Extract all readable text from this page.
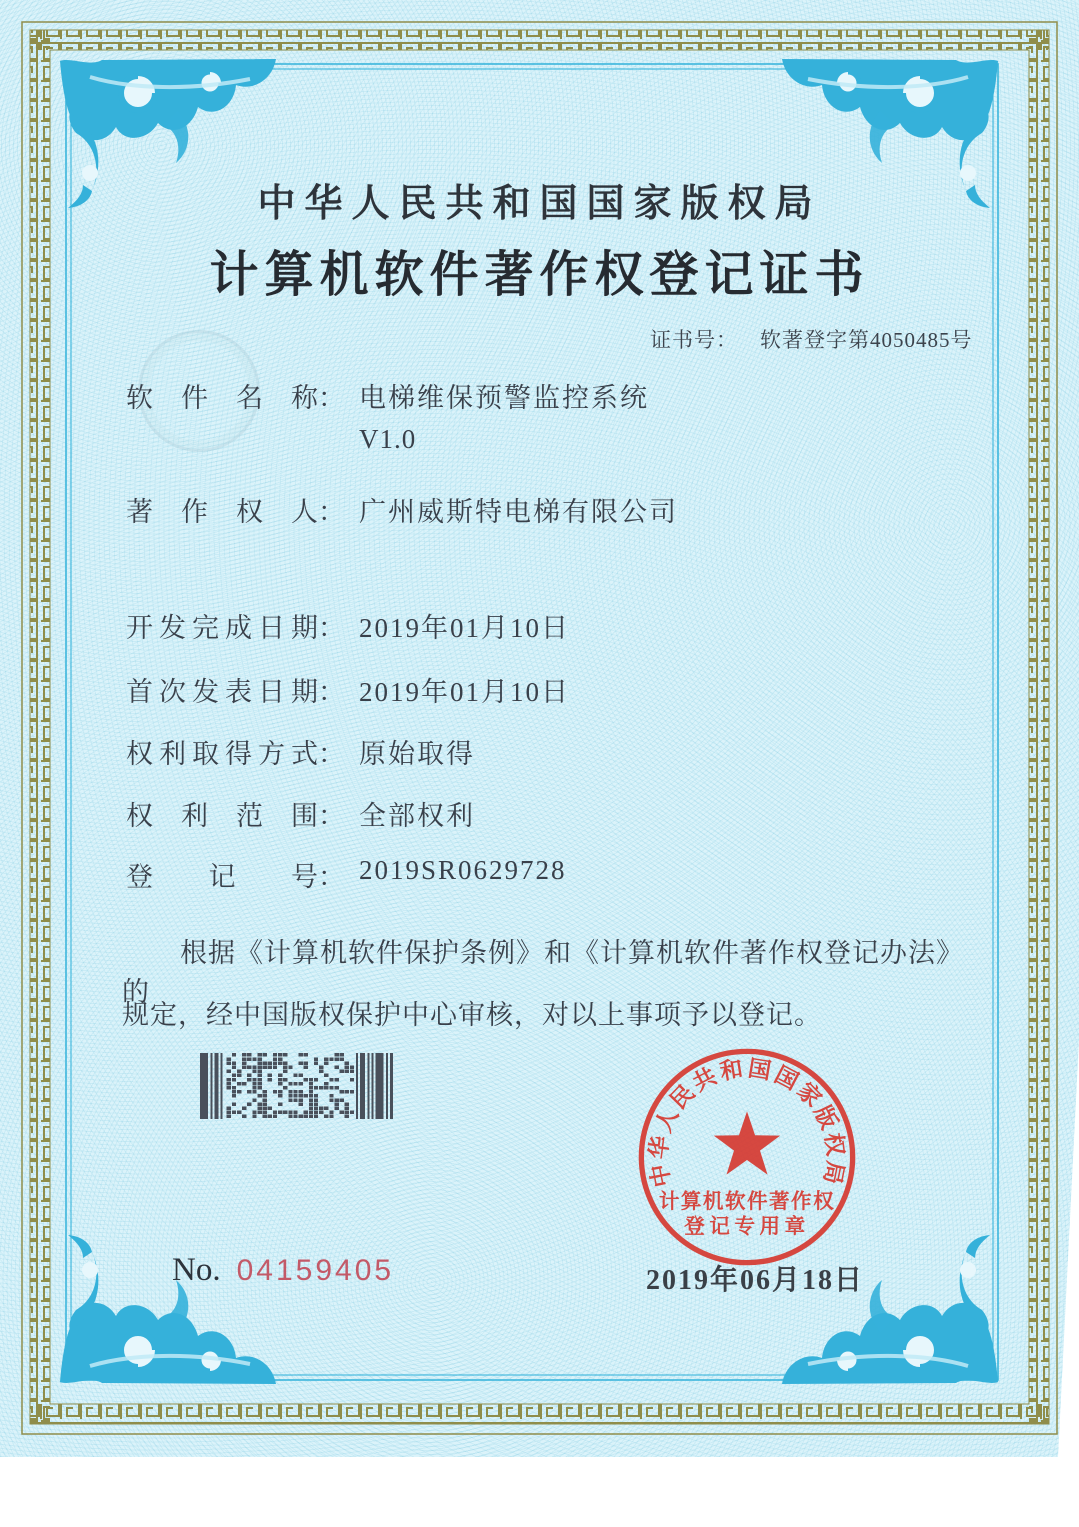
中华人民共和国国家版权局
计算机软件著作权登记证书
证书号： 软著登字第4050485号
软件名称 ： 电梯维保预警监控系统
V1.0
著作权人 ： 广州威斯特电梯有限公司
开发完成日期 ： 2019年01月10日
首次发表日期 ： 2019年01月10日
权利取得方式 ： 原始取得
权利范围 ： 全部权利
登记号 ： 2019SR0629728
根据《计算机软件保护条例》和《计算机软件著作权登记办法》的
规定，经中国版权保护中心审核，对以上事项予以登记。
中华人民共和国国家版权局
计算机软件著作权
登记专用章
2019年06月18日
No. 04159405
